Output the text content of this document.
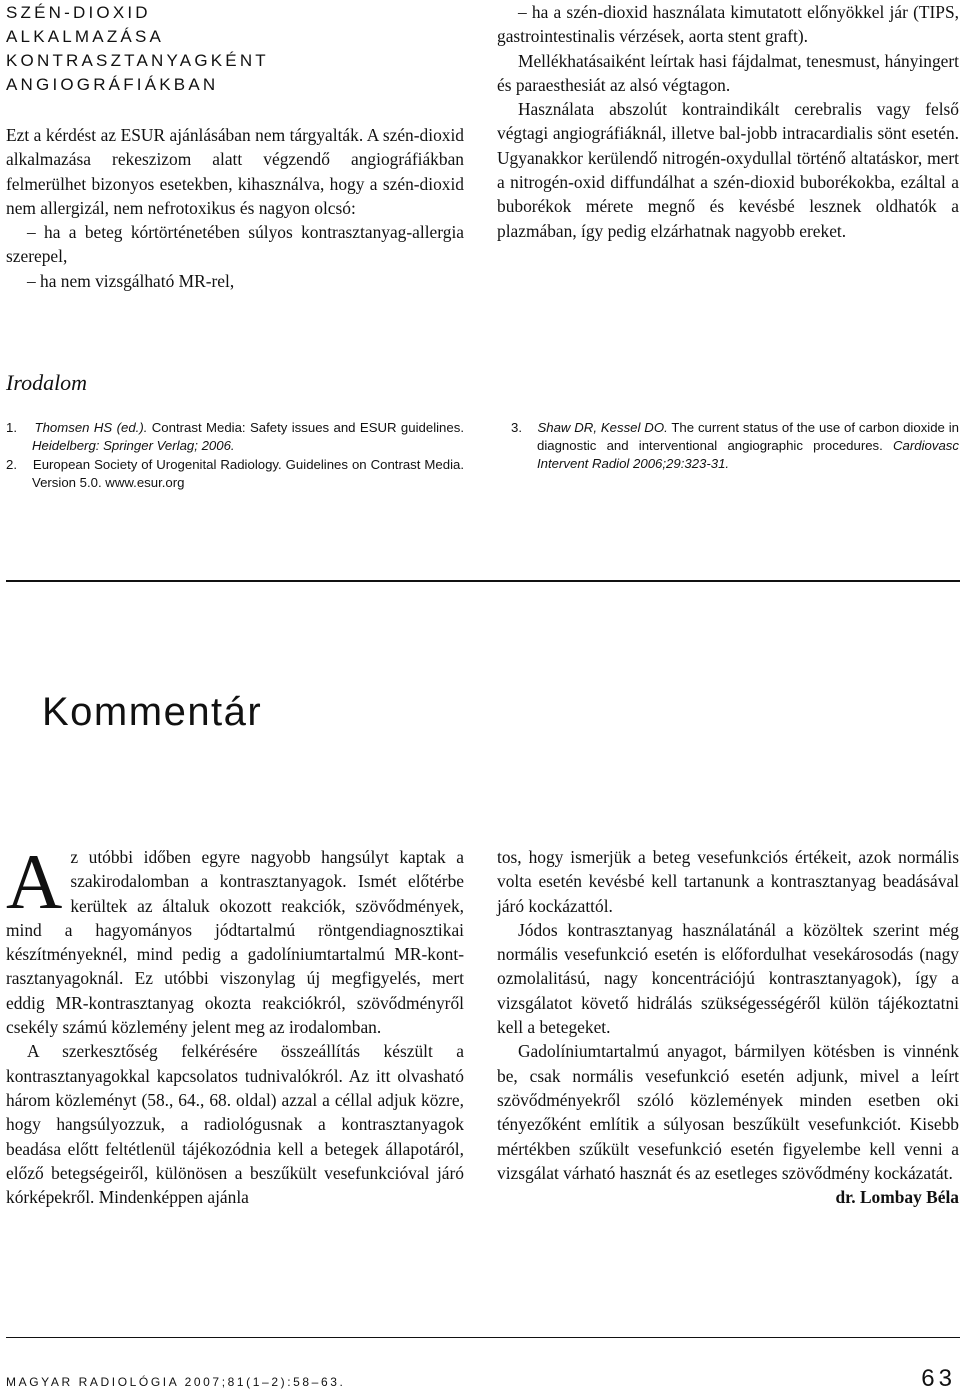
SZÉN-DIOXID
ALKALMAZÁSA
KONTRASZTANYAGKÉNT
ANGIOGRÁFIÁKBAN

Ezt a kérdést az ESUR ajánlásában nem tárgyalták. A szén-dioxid alkalmazása rekeszizom alatt végzendő angiográfiákban felmerülhet bizonyos esetekben, kihasználva, hogy a szén-dioxid nem allergizál, nem nefrotoxikus és nagyon olcsó:

– ha a beteg kórtörténetében súlyos kontrasztanyag-allergia szerepel,

– ha nem vizsgálható MR-rel,

– ha a szén-dioxid használata kimutatott előnyökkel jár (TIPS, gastrointestinalis vérzések, aorta stent graft).

Mellékhatásaiként leírtak hasi fájdalmat, tenesmust, hányingert és paraesthesiát az alsó végtagon.

Használata abszolút kontraindikált cerebralis vagy felső végtagi angiográfiáknál, illetve bal-jobb intracardialis sönt esetén. Ugyanakkor kerülendő nitrogén-oxydullal történő altatáskor, mert a nitrogén-oxid diffundálhat a szén-dioxid buborékokba, ezáltal a buborékok mérete megnő és kevésbé lesznek oldhatók a plazmában, így pedig elzárhatnak nagyobb ereket.

Irodalom

1. Thomsen HS (ed.). Contrast Media: Safety issues and ESUR guidelines. Heidelberg: Springer Verlag; 2006.

2. European Society of Urogenital Radiology. Guidelines on Contrast Media. Version 5.0. www.esur.org

3. Shaw DR, Kessel DO. The current status of the use of carbon dioxide in diagnostic and interventional angiographic procedures. Cardiovasc Intervent Radiol 2006;29:323-31.

Kommentár

Az utóbbi időben egyre nagyobb hangsúlyt kaptak a szakirodalomban a kontrasztanyagok. Ismét előtérbe kerültek az általuk okozott reakciók, szövődmények, mind a hagyományos jódtartalmú röntgendiagnosztikai készítményeknél, mind pedig a gadolíniumtartalmú MR-kontrasztanyagoknál. Ez utóbbi viszonylag új megfigyelés, mert eddig MR-kontrasztanyag okozta reakciókról, szövődményről csekély számú közlemény jelent meg az irodalomban.

A szerkesztőség felkérésére összeállítás készült a kontrasztanyagokkal kapcsolatos tudnivalókról. Az itt olvasható három közleményt (58., 64., 68. oldal) azzal a céllal adjuk közre, hogy hangsúlyozzuk, a radiológusnak a kontrasztanyagok beadása előtt feltétlenül tájékozódnia kell a betegek állapotáról, előző betegségeiről, különösen a beszűkült vesefunkcióval járó kórképekről. Mindenképpen ajánla

tos, hogy ismerjük a beteg vesefunkciós értékeit, azok normális volta esetén kevésbé kell tartanunk a kontrasztanyag beadásával járó kockázattól.

Jódos kontrasztanyag használatánál a közöltek szerint még normális vesefunkció esetén is előfordulhat vesekárosodás (nagy ozmolalitású, nagy koncentrációjú kontrasztanyagok), így a vizsgálatot követő hidrálás szükségességéről külön tájékoztatni kell a betegeket.

Gadolíniumtartalmú anyagot, bármilyen kötésben is vinnénk be, csak normális vesefunkció esetén adjunk, mivel a leírt szövődményekről szóló közlemények minden esetben oki tényezőként említik a súlyosan beszűkült vesefunkciót. Kisebb mértékben szűkült vesefunkció esetén figyelembe kell venni a vizsgálat várható hasznát és az esetleges szövődmény kockázatát.

dr. Lombay Béla

MAGYAR RADIOLÓGIA 2007;81(1–2):58–63.	63
